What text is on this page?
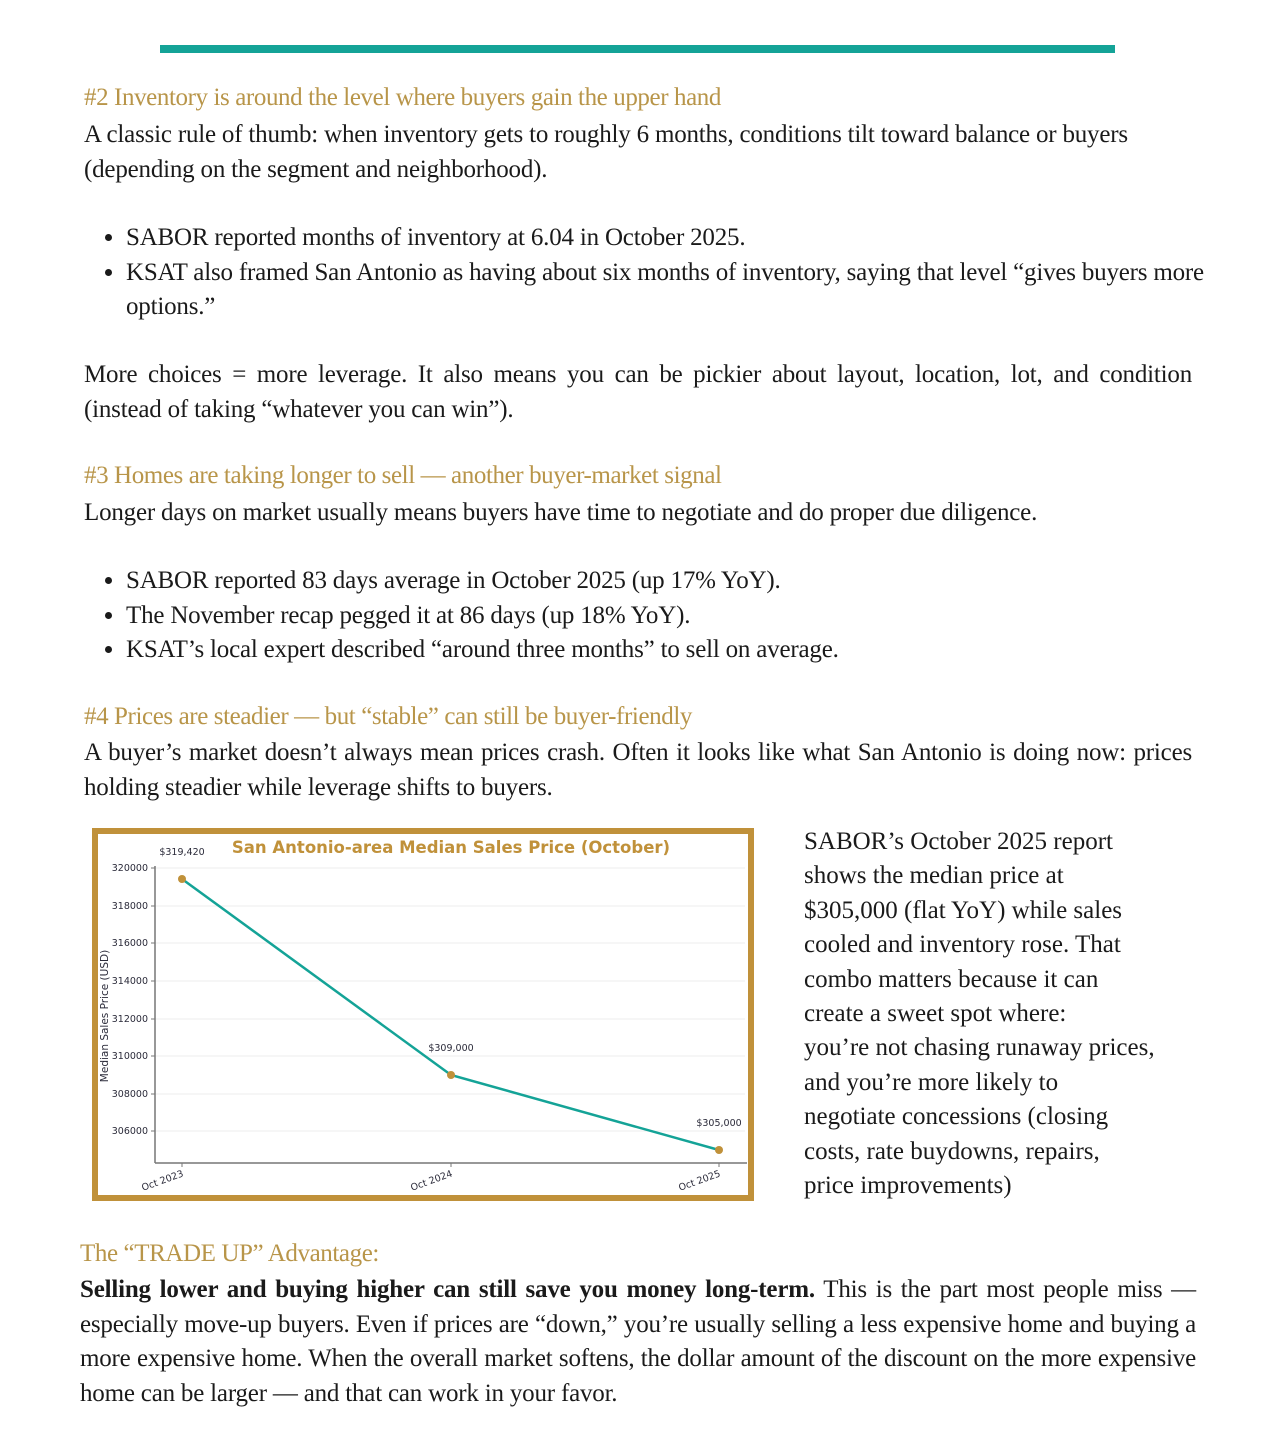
#2 Inventory is around the level where buyers gain the upper hand
A classic rule of thumb: when inventory gets to roughly 6 months, conditions tilt toward balance or buyers (depending on the segment and neighborhood).
• SABOR reported months of inventory at 6.04 in October 2025.
• KSAT also framed San Antonio as having about six months of inventory, saying that level “gives buyers more options.”
More choices = more leverage. It also means you can be pickier about layout, location, lot, and condition (instead of taking “whatever you can win”).
#3 Homes are taking longer to sell — another buyer-market signal
Longer days on market usually means buyers have time to negotiate and do proper due diligence.
• SABOR reported 83 days average in October 2025 (up 17% YoY).
• The November recap pegged it at 86 days (up 18% YoY).
• KSAT’s local expert described “around three months” to sell on average.
#4 Prices are steadier — but “stable” can still be buyer-friendly
A buyer’s market doesn’t always mean prices crash. Often it looks like what San Antonio is doing now: prices holding steadier while leverage shifts to buyers.
320000
318000
316000
314000
312000
310000
308000
306000
Median Sales Price (USD)
Oct 2023	Oct 2024	Oct 2025
San Antonio-area Median Sales Price (October)
$319,420
$309,000
$305,000
SABOR’s October 2025 report
shows the median price at
$305,000 (flat YoY) while sales
cooled and inventory rose. That
combo matters because it can
create a sweet spot where:
you’re not chasing runaway prices,
and you’re more likely to
negotiate concessions (closing
costs, rate buydowns, repairs,
price improvements)
The “TRADE UP” Advantage:
Selling lower and buying higher can still save you money long-term. This is the part most people miss — especially move-up buyers. Even if prices are “down,” you’re usually selling a less expensive home and buying a more expensive home. When the overall market softens, the dollar amount of the discount on the more expensive home can be larger — and that can work in your favor.
